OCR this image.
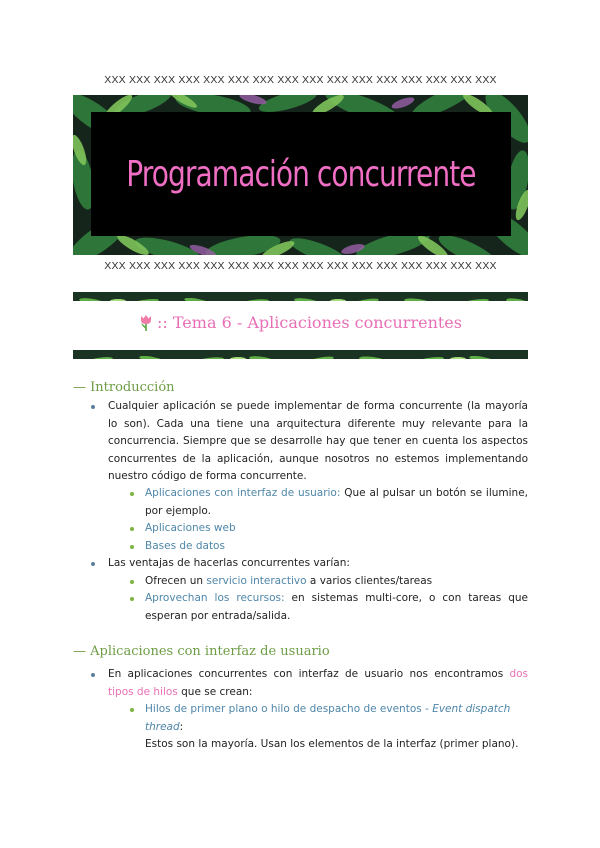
XXX XXX XXX XXX XXX XXX XXX XXX XXX XXX XXX XXX XXX XXX XXX XXX
Programación concurrente
XXX XXX XXX XXX XXX XXX XXX XXX XXX XXX XXX XXX XXX XXX XXX XXX
:: Tema 6 - Aplicaciones concurrentes
— Introducción
Cualquier aplicación se puede implementar de forma concurrente (la mayoría lo son). Cada una tiene una arquitectura diferente muy relevante para la concurrencia. Siempre que se desarrolle hay que tener en cuenta los aspectos concurrentes de la aplicación, aunque nosotros no estemos implementando nuestro código de forma concurrente.
Aplicaciones con interfaz de usuario: Que al pulsar un botón se ilumine, por ejemplo.
Aplicaciones web
Bases de datos
Las ventajas de hacerlas concurrentes varían:
Ofrecen un servicio interactivo a varios clientes/tareas
Aprovechan los recursos: en sistemas multi-core, o con tareas que esperan por entrada/salida.
— Aplicaciones con interfaz de usuario
En aplicaciones concurrentes con interfaz de usuario nos encontramos dos tipos de hilos que se crean:
Hilos de primer plano o hilo de despacho de eventos - Event dispatch thread:
Estos son la mayoría. Usan los elementos de la interfaz (primer plano).
